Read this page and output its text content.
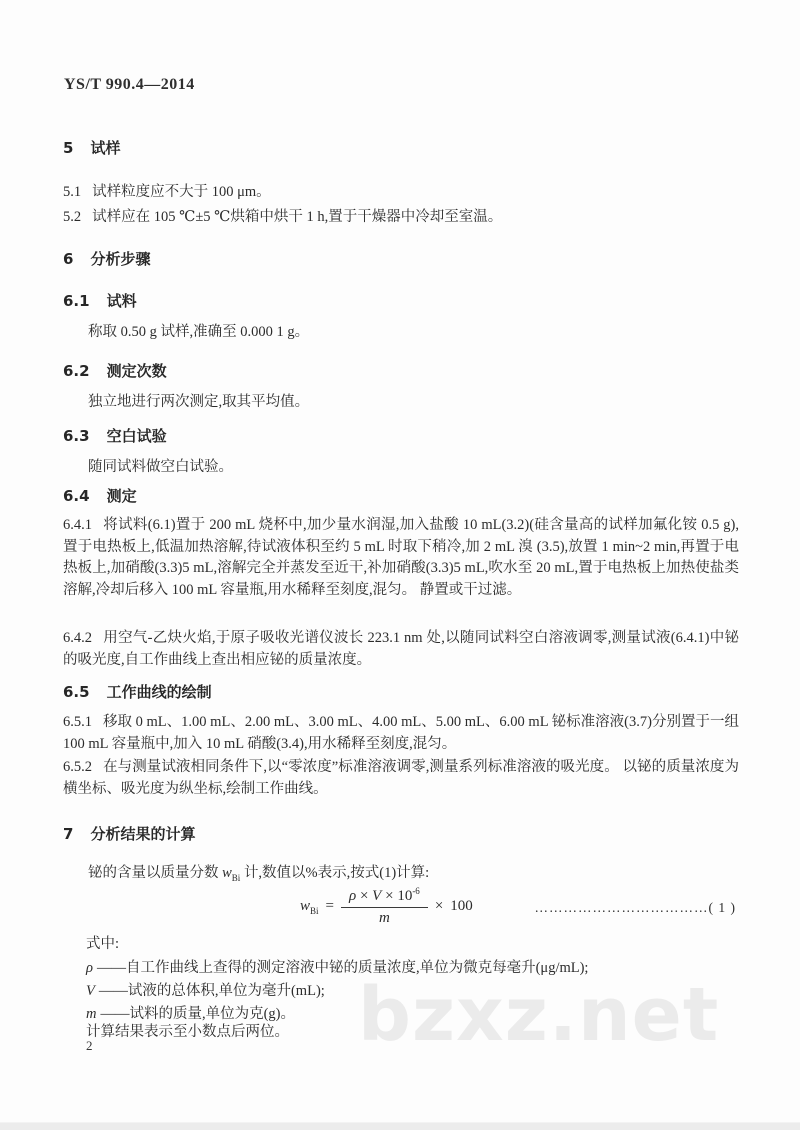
bzxz.net
YS/T 990.4—2014
5 试样
5.1 试样粒度应不大于 100 μm。
5.2 试样应在 105 ℃±5 ℃烘箱中烘干 1 h,置于干燥器中冷却至室温。
6 分析步骤
6.1 试料
称取 0.50 g 试样,准确至 0.000 1 g。
6.2 测定次数
独立地进行两次测定,取其平均值。
6.3 空白试验
随同试料做空白试验。
6.4 测定
6.4.1 将试料(6.1)置于 200 mL 烧杯中,加少量水润湿,加入盐酸 10 mL(3.2)(硅含量高的试样加氟化铵 0.5 g),置于电热板上,低温加热溶解,待试液体积至约 5 mL 时取下稍冷,加 2 mL 溴 (3.5),放置 1 min~2 min,再置于电热板上,加硝酸(3.3)5 mL,溶解完全并蒸发至近干,补加硝酸(3.3)5 mL,吹水至 20 mL,置于电热板上加热使盐类溶解,冷却后移入 100 mL 容量瓶,用水稀释至刻度,混匀。 静置或干过滤。
6.4.2 用空气-乙炔火焰,于原子吸收光谱仪波长 223.1 nm 处,以随同试料空白溶液调零,测量试液(6.4.1)中铋的吸光度,自工作曲线上查出相应铋的质量浓度。
6.5 工作曲线的绘制
6.5.1 移取 0 mL、1.00 mL、2.00 mL、3.00 mL、4.00 mL、5.00 mL、6.00 mL 铋标准溶液(3.7)分别置于一组 100 mL 容量瓶中,加入 10 mL 硝酸(3.4),用水稀释至刻度,混匀。
6.5.2 在与测量试液相同条件下,以“零浓度”标准溶液调零,测量系列标准溶液的吸光度。 以铋的质量浓度为横坐标、吸光度为纵坐标,绘制工作曲线。
7 分析结果的计算
铋的含量以质量分数 $w_{Bi}$ 计,数值以%表示,按式(1)计算:
$w_{Bi} = \frac{\rho \times V \times 10^{-6}}{m} \times 100$	………………………………( 1 )
式中:
ρ ——自工作曲线上查得的测定溶液中铋的质量浓度,单位为微克每毫升(μg/mL);
V ——试液的总体积,单位为毫升(mL);
m ——试料的质量,单位为克(g)。
计算结果表示至小数点后两位。
2
